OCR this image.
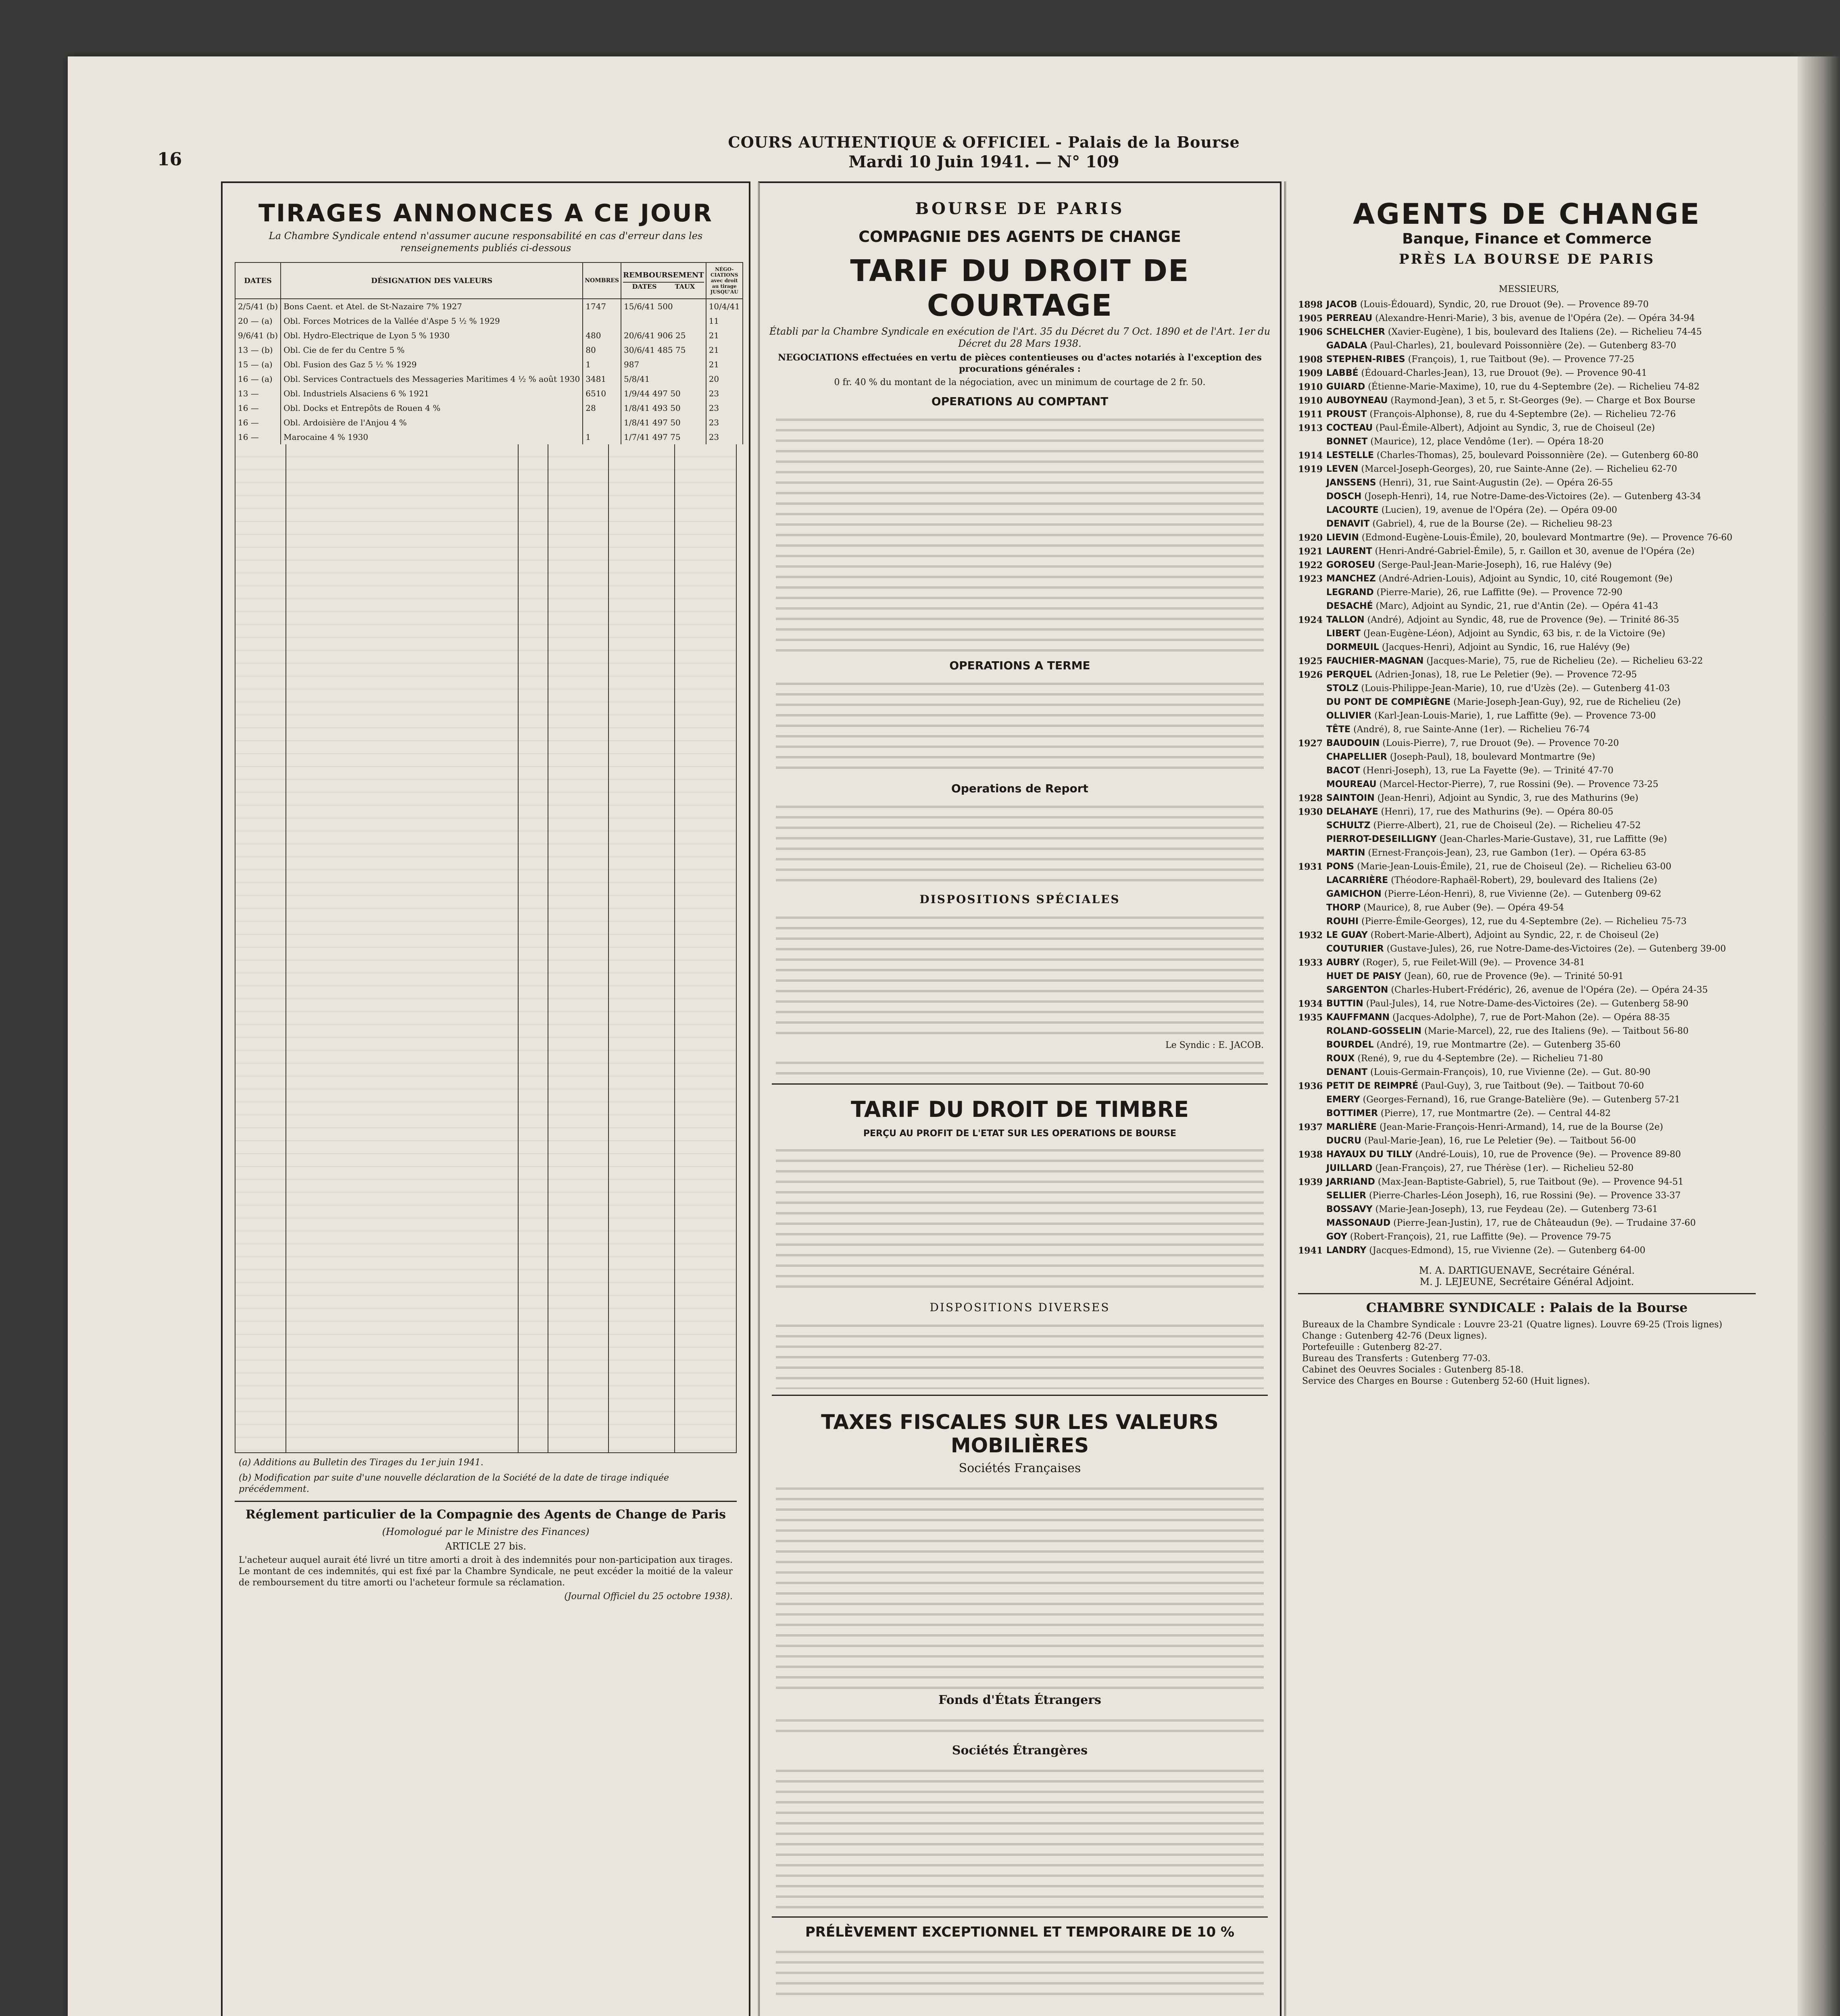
16
COURS AUTHENTIQUE & OFFICIEL - Palais de la Bourse
Mardi 10 Juin 1941. — N° 109
TIRAGES ANNONCES A CE JOUR
La Chambre Syndicale entend n'assumer aucune responsabilité en cas d'erreur dans les renseignements publiés ci-dessous
DATES	DÉSIGNATION DES VALEURS	NOMBRES	REMBOURSEMENT
DATES TAUX	NÉGO-CIATIONS avec droit au tirage JUSQU'AU
2/5/41 (b)	Bons Caent. et Atel. de St-Nazaire 7% 1927	1747	15/6/41 500	10/4/41
20 — (a)	Obl. Forces Motrices de la Vallée d'Aspe 5 ½ % 1929			11
9/6/41 (b)	Obl. Hydro-Electrique de Lyon 5 % 1930	480	20/6/41 906 25	21
13 — (b)	Obl. Cie de fer du Centre 5 %	80	30/6/41 485 75	21
15 — (a)	Obl. Fusion des Gaz 5 ½ % 1929	1	987	21
16 — (a)	Obl. Services Contractuels des Messageries Maritimes 4 ½ % août 1930	3481	5/8/41	20
13 —	Obl. Industriels Alsaciens 6 % 1921	6510	1/9/44 497 50	23
16 —	Obl. Docks et Entrepôts de Rouen 4 %	28	1/8/41 493 50	23
16 —	Obl. Ardoisière de l'Anjou 4 %		1/8/41 497 50	23
16 —	Marocaine 4 % 1930	1	1/7/41 497 75	23
(a) Additions au Bulletin des Tirages du 1er juin 1941.
(b) Modification par suite d'une nouvelle déclaration de la Société de la date de tirage indiquée précédemment.
Réglement particulier de la Compagnie des Agents de Change de Paris
(Homologué par le Ministre des Finances)
ARTICLE 27 bis.
L'acheteur auquel aurait été livré un titre amorti a droit à des indemnités pour non-participation aux tirages. Le montant de ces indemnités, qui est fixé par la Chambre Syndicale, ne peut excéder la moitié de la valeur de remboursement du titre amorti ou l'acheteur formule sa réclamation.
(Journal Officiel du 25 octobre 1938).
BOURSE DE PARIS
COMPAGNIE DES AGENTS DE CHANGE
TARIF DU DROIT DE COURTAGE
Établi par la Chambre Syndicale en exécution de l'Art. 35 du Décret du 7 Oct. 1890 et de l'Art. 1er du Décret du 28 Mars 1938.
NEGOCIATIONS effectuées en vertu de pièces contentieuses ou d'actes notariés à l'exception des procurations générales :
0 fr. 40 % du montant de la négociation, avec un minimum de courtage de 2 fr. 50.
OPERATIONS AU COMPTANT
OPERATIONS A TERME
Operations de Report
DISPOSITIONS SPÉCIALES
Le Syndic : E. JACOB.
TARIF DU DROIT DE TIMBRE
PERÇU AU PROFIT DE L'ETAT SUR LES OPERATIONS DE BOURSE
DISPOSITIONS DIVERSES
TAXES FISCALES SUR LES VALEURS MOBILIÈRES
Sociétés Françaises
Fonds d'États Étrangers
Sociétés Étrangères
PRÉLÈVEMENT EXCEPTIONNEL ET TEMPORAIRE DE 10 %
AGENTS DE CHANGE
Banque, Finance et Commerce
PRÈS LA BOURSE DE PARIS
MESSIEURS,
1898 JACOB (Louis-Édouard), Syndic, 20, rue Drouot (9e). — Provence 89-70
1905 PERREAU (Alexandre-Henri-Marie), 3 bis, avenue de l'Opéra (2e). — Opéra 34-94
1906 SCHELCHER (Xavier-Eugène), 1 bis, boulevard des Italiens (2e). — Richelieu 74-45
GADALA (Paul-Charles), 21, boulevard Poissonnière (2e). — Gutenberg 83-70
1908 STEPHEN-RIBES (François), 1, rue Taitbout (9e). — Provence 77-25
1909 LABBÉ (Édouard-Charles-Jean), 13, rue Drouot (9e). — Provence 90-41
1910 GUIARD (Étienne-Marie-Maxime), 10, rue du 4-Septembre (2e). — Richelieu 74-82
1910 AUBOYNEAU (Raymond-Jean), 3 et 5, r. St-Georges (9e). — Charge et Box Bourse
1911 PROUST (François-Alphonse), 8, rue du 4-Septembre (2e). — Richelieu 72-76
1913 COCTEAU (Paul-Émile-Albert), Adjoint au Syndic, 3, rue de Choiseul (2e)
BONNET (Maurice), 12, place Vendôme (1er). — Opéra 18-20
1914 LESTELLE (Charles-Thomas), 25, boulevard Poissonnière (2e). — Gutenberg 60-80
1919 LEVEN (Marcel-Joseph-Georges), 20, rue Sainte-Anne (2e). — Richelieu 62-70
JANSSENS (Henri), 31, rue Saint-Augustin (2e). — Opéra 26-55
DOSCH (Joseph-Henri), 14, rue Notre-Dame-des-Victoires (2e). — Gutenberg 43-34
LACOURTE (Lucien), 19, avenue de l'Opéra (2e). — Opéra 09-00
DENAVIT (Gabriel), 4, rue de la Bourse (2e). — Richelieu 98-23
1920 LIEVIN (Edmond-Eugène-Louis-Émile), 20, boulevard Montmartre (9e). — Provence 76-60
1921 LAURENT (Henri-André-Gabriel-Émile), 5, r. Gaillon et 30, avenue de l'Opéra (2e)
1922 GOROSEU (Serge-Paul-Jean-Marie-Joseph), 16, rue Halévy (9e)
1923 MANCHEZ (André-Adrien-Louis), Adjoint au Syndic, 10, cité Rougemont (9e)
LEGRAND (Pierre-Marie), 26, rue Laffitte (9e). — Provence 72-90
DESACHÉ (Marc), Adjoint au Syndic, 21, rue d'Antin (2e). — Opéra 41-43
1924 TALLON (André), Adjoint au Syndic, 48, rue de Provence (9e). — Trinité 86-35
LIBERT (Jean-Eugène-Léon), Adjoint au Syndic, 63 bis, r. de la Victoire (9e)
DORMEUIL (Jacques-Henri), Adjoint au Syndic, 16, rue Halévy (9e)
1925 FAUCHIER-MAGNAN (Jacques-Marie), 75, rue de Richelieu (2e). — Richelieu 63-22
1926 PERQUEL (Adrien-Jonas), 18, rue Le Peletier (9e). — Provence 72-95
STOLZ (Louis-Philippe-Jean-Marie), 10, rue d'Uzès (2e). — Gutenberg 41-03
DU PONT DE COMPIÈGNE (Marie-Joseph-Jean-Guy), 92, rue de Richelieu (2e)
OLLIVIER (Karl-Jean-Louis-Marie), 1, rue Laffitte (9e). — Provence 73-00
TÊTE (André), 8, rue Sainte-Anne (1er). — Richelieu 76-74
1927 BAUDOUIN (Louis-Pierre), 7, rue Drouot (9e). — Provence 70-20
CHAPELLIER (Joseph-Paul), 18, boulevard Montmartre (9e)
BACOT (Henri-Joseph), 13, rue La Fayette (9e). — Trinité 47-70
MOUREAU (Marcel-Hector-Pierre), 7, rue Rossini (9e). — Provence 73-25
1928 SAINTOIN (Jean-Henri), Adjoint au Syndic, 3, rue des Mathurins (9e)
1930 DELAHAYE (Henri), 17, rue des Mathurins (9e). — Opéra 80-05
SCHULTZ (Pierre-Albert), 21, rue de Choiseul (2e). — Richelieu 47-52
PIERROT-DESEILLIGNY (Jean-Charles-Marie-Gustave), 31, rue Laffitte (9e)
MARTIN (Ernest-François-Jean), 23, rue Gambon (1er). — Opéra 63-85
1931 PONS (Marie-Jean-Louis-Émile), 21, rue de Choiseul (2e). — Richelieu 63-00
LACARRIÈRE (Théodore-Raphaël-Robert), 29, boulevard des Italiens (2e)
GAMICHON (Pierre-Léon-Henri), 8, rue Vivienne (2e). — Gutenberg 09-62
THORP (Maurice), 8, rue Auber (9e). — Opéra 49-54
ROUHI (Pierre-Émile-Georges), 12, rue du 4-Septembre (2e). — Richelieu 75-73
1932 LE GUAY (Robert-Marie-Albert), Adjoint au Syndic, 22, r. de Choiseul (2e)
COUTURIER (Gustave-Jules), 26, rue Notre-Dame-des-Victoires (2e). — Gutenberg 39-00
1933 AUBRY (Roger), 5, rue Feilet-Will (9e). — Provence 34-81
HUET DE PAISY (Jean), 60, rue de Provence (9e). — Trinité 50-91
SARGENTON (Charles-Hubert-Frédéric), 26, avenue de l'Opéra (2e). — Opéra 24-35
1934 BUTTIN (Paul-Jules), 14, rue Notre-Dame-des-Victoires (2e). — Gutenberg 58-90
1935 KAUFFMANN (Jacques-Adolphe), 7, rue de Port-Mahon (2e). — Opéra 88-35
ROLAND-GOSSELIN (Marie-Marcel), 22, rue des Italiens (9e). — Taitbout 56-80
BOURDEL (André), 19, rue Montmartre (2e). — Gutenberg 35-60
ROUX (René), 9, rue du 4-Septembre (2e). — Richelieu 71-80
DENANT (Louis-Germain-François), 10, rue Vivienne (2e). — Gut. 80-90
1936 PETIT DE REIMPRÉ (Paul-Guy), 3, rue Taitbout (9e). — Taitbout 70-60
EMERY (Georges-Fernand), 16, rue Grange-Batelière (9e). — Gutenberg 57-21
BOTTIMER (Pierre), 17, rue Montmartre (2e). — Central 44-82
1937 MARLIÈRE (Jean-Marie-François-Henri-Armand), 14, rue de la Bourse (2e)
DUCRU (Paul-Marie-Jean), 16, rue Le Peletier (9e). — Taitbout 56-00
1938 HAYAUX DU TILLY (André-Louis), 10, rue de Provence (9e). — Provence 89-80
JUILLARD (Jean-François), 27, rue Thérèse (1er). — Richelieu 52-80
1939 JARRIAND (Max-Jean-Baptiste-Gabriel), 5, rue Taitbout (9e). — Provence 94-51
SELLIER (Pierre-Charles-Léon Joseph), 16, rue Rossini (9e). — Provence 33-37
BOSSAVY (Marie-Jean-Joseph), 13, rue Feydeau (2e). — Gutenberg 73-61
MASSONAUD (Pierre-Jean-Justin), 17, rue de Châteaudun (9e). — Trudaine 37-60
GOY (Robert-François), 21, rue Laffitte (9e). — Provence 79-75
1941 LANDRY (Jacques-Edmond), 15, rue Vivienne (2e). — Gutenberg 64-00
M. A. DARTIGUENAVE, Secrétaire Général.
M. J. LEJEUNE, Secrétaire Général Adjoint.
CHAMBRE SYNDICALE : Palais de la Bourse
Bureaux de la Chambre Syndicale : Louvre 23-21 (Quatre lignes). Louvre 69-25 (Trois lignes)
Change : Gutenberg 42-76 (Deux lignes).
Portefeuille : Gutenberg 82-27.
Bureau des Transferts : Gutenberg 77-03.
Cabinet des Oeuvres Sociales : Gutenberg 85-18.
Service des Charges en Bourse : Gutenberg 52-60 (Huit lignes).
